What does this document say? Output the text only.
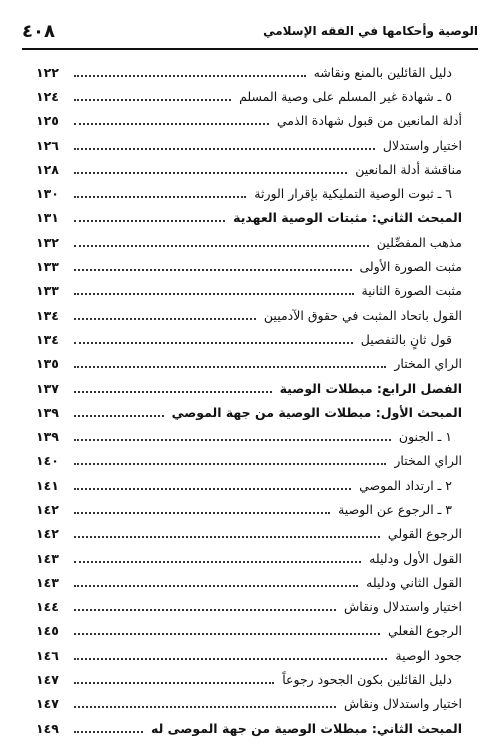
الوصية وأحكامها في الفقه الإسلامي
٤٠٨
دليل القائلين بالمنع ونقاشه
١٢٢
٥ ـ شهادة غير المسلم على وصية المسلم
١٢٤
أدلة المانعين من قبول شهادة الذمي
١٢٥
اختيار واستدلال
١٢٦
مناقشة أدلة المانعين
١٢٨
٦ ـ ثبوت الوصية التمليكية بإقرار الورثة
١٣٠
المبحث الثاني: مثبتات الوصية العهدية
١٣١
مذهب المفصِّلين
١٣٢
مثبت الصورة الأولى
١٣٣
مثبت الصورة الثانية
١٣٣
القول باتحاد المثبت في حقوق الآدميين
١٣٤
قول ثانٍ بالتفصيل
١٣٤
الراي المختار
١٣٥
الفصل الرابع: مبطلات الوصية
١٣٧
المبحث الأول: مبطلات الوصية من جهة الموصي
١٣٩
١ ـ الجنون
١٣٩
الراي المختار
١٤٠
٢ ـ ارتداد الموصي
١٤١
٣ ـ الرجوع عن الوصية
١٤٢
الرجوع القولي
١٤٢
القول الأول ودليله
١٤٣
القول الثاني ودليله
١٤٣
اختيار واستدلال ونقاش
١٤٤
الرجوع الفعلي
١٤٥
جحود الوصية
١٤٦
دليل القائلين بكون الجحود رجوعاً
١٤٧
اختيار واستدلال ونقاش
١٤٧
المبحث الثاني: مبطلات الوصية من جهة الموصى له
١٤٩
